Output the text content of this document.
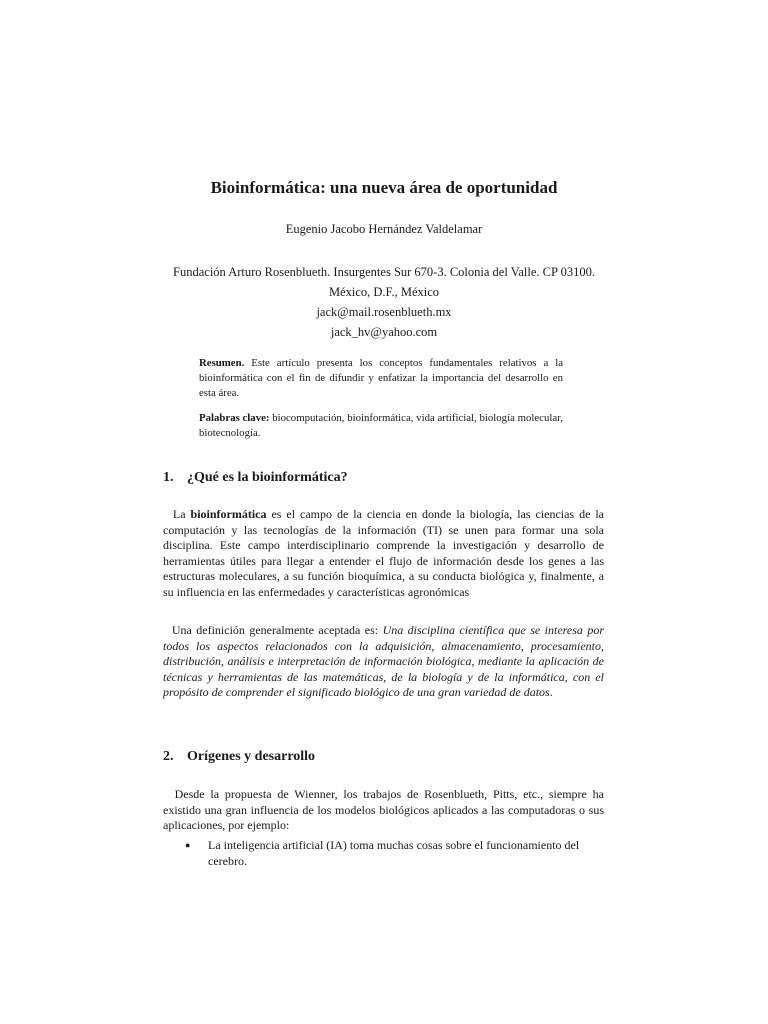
Bioinformática: una nueva área de oportunidad
Eugenio Jacobo Hernández Valdelamar
Fundación Arturo Rosenblueth. Insurgentes Sur 670-3. Colonia del Valle. CP 03100.
México, D.F., México
jack@mail.rosenblueth.mx
jack_hv@yahoo.com

Resumen. Este artículo presenta los conceptos fundamentales relativos a la bioinformática con el fin de difundir y enfatizar la importancia del desarrollo en esta área.

Palabras clave: biocomputación, bioinformática, vida artificial, biología molecular, biotecnología.

1. ¿Qué es la bioinformática?

La bioinformática es el campo de la ciencia en donde la biología, las ciencias de la computación y las tecnologías de la información (TI) se unen para formar una sola disciplina. Este campo interdisciplinario comprende la investigación y desarrollo de herramientas útiles para llegar a entender el flujo de información desde los genes a las estructuras moleculares, a su función bioquímica, a su conducta biológica y, finalmente, a su influencia en las enfermedades y características agronómicas

Una definición generalmente aceptada es: Una disciplina científica que se interesa por todos los aspectos relacionados con la adquisición, almacenamiento, procesamiento, distribución, análisis e interpretación de información biológica, mediante la aplicación de técnicas y herramientas de las matemáticas, de la biología y de la informática, con el propósito de comprender el significado biológico de una gran variedad de datos.

2. Orígenes y desarrollo

Desde la propuesta de Wienner, los trabajos de Rosenblueth, Pitts, etc., siempre ha existido una gran influencia de los modelos biológicos aplicados a las computadoras o sus aplicaciones, por ejemplo:

● La inteligencia artificial (IA) toma muchas cosas sobre el funcionamiento del cerebro.
